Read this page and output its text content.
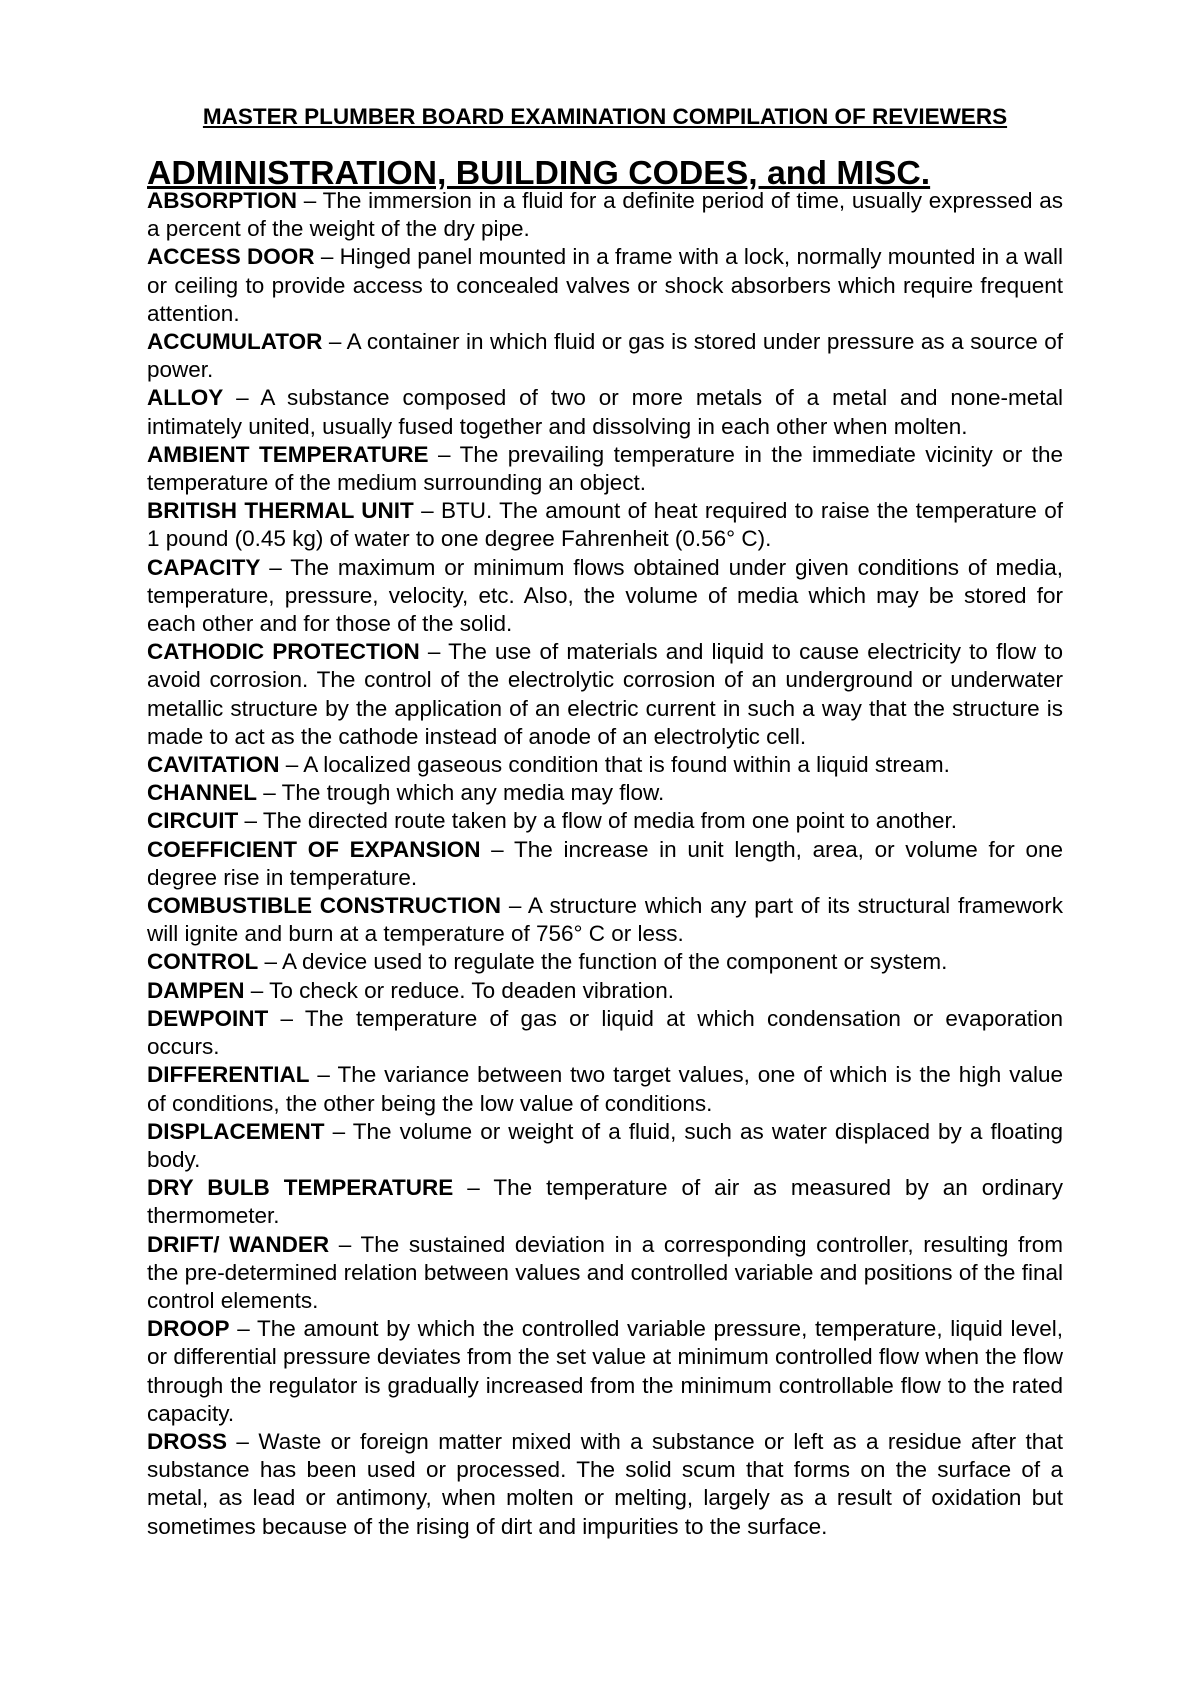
MASTER PLUMBER BOARD EXAMINATION COMPILATION OF REVIEWERS
ADMINISTRATION, BUILDING CODES, and MISC.

ABSORPTION – The immersion in a fluid for a definite period of time, usually expressed as a percent of the weight of the dry pipe.

ACCESS DOOR – Hinged panel mounted in a frame with a lock, normally mounted in a wall or ceiling to provide access to concealed valves or shock absorbers which require frequent attention.

ACCUMULATOR – A container in which fluid or gas is stored under pressure as a source of power.

ALLOY – A substance composed of two or more metals of a metal and none-metal intimately united, usually fused together and dissolving in each other when molten.

AMBIENT TEMPERATURE – The prevailing temperature in the immediate vicinity or the temperature of the medium surrounding an object.

BRITISH THERMAL UNIT – BTU. The amount of heat required to raise the temperature of 1 pound (0.45 kg) of water to one degree Fahrenheit (0.56° C).

CAPACITY – The maximum or minimum flows obtained under given conditions of media, temperature, pressure, velocity, etc. Also, the volume of media which may be stored for each other and for those of the solid.

CATHODIC PROTECTION – The use of materials and liquid to cause electricity to flow to avoid corrosion. The control of the electrolytic corrosion of an underground or underwater metallic structure by the application of an electric current in such a way that the structure is made to act as the cathode instead of anode of an electrolytic cell.

CAVITATION – A localized gaseous condition that is found within a liquid stream.

CHANNEL – The trough which any media may flow.

CIRCUIT – The directed route taken by a flow of media from one point to another.

COEFFICIENT OF EXPANSION – The increase in unit length, area, or volume for one degree rise in temperature.

COMBUSTIBLE CONSTRUCTION – A structure which any part of its structural framework will ignite and burn at a temperature of 756° C or less.

CONTROL – A device used to regulate the function of the component or system.

DAMPEN – To check or reduce. To deaden vibration.

DEWPOINT – The temperature of gas or liquid at which condensation or evaporation occurs.

DIFFERENTIAL – The variance between two target values, one of which is the high value of conditions, the other being the low value of conditions.

DISPLACEMENT – The volume or weight of a fluid, such as water displaced by a floating body.

DRY BULB TEMPERATURE – The temperature of air as measured by an ordinary thermometer.

DRIFT/ WANDER – The sustained deviation in a corresponding controller, resulting from the pre-determined relation between values and controlled variable and positions of the final control elements.

DROOP – The amount by which the controlled variable pressure, temperature, liquid level, or differential pressure deviates from the set value at minimum controlled flow when the flow through the regulator is gradually increased from the minimum controllable flow to the rated capacity.

DROSS – Waste or foreign matter mixed with a substance or left as a residue after that substance has been used or processed. The solid scum that forms on the surface of a metal, as lead or antimony, when molten or melting, largely as a result of oxidation but sometimes because of the rising of dirt and impurities to the surface.
